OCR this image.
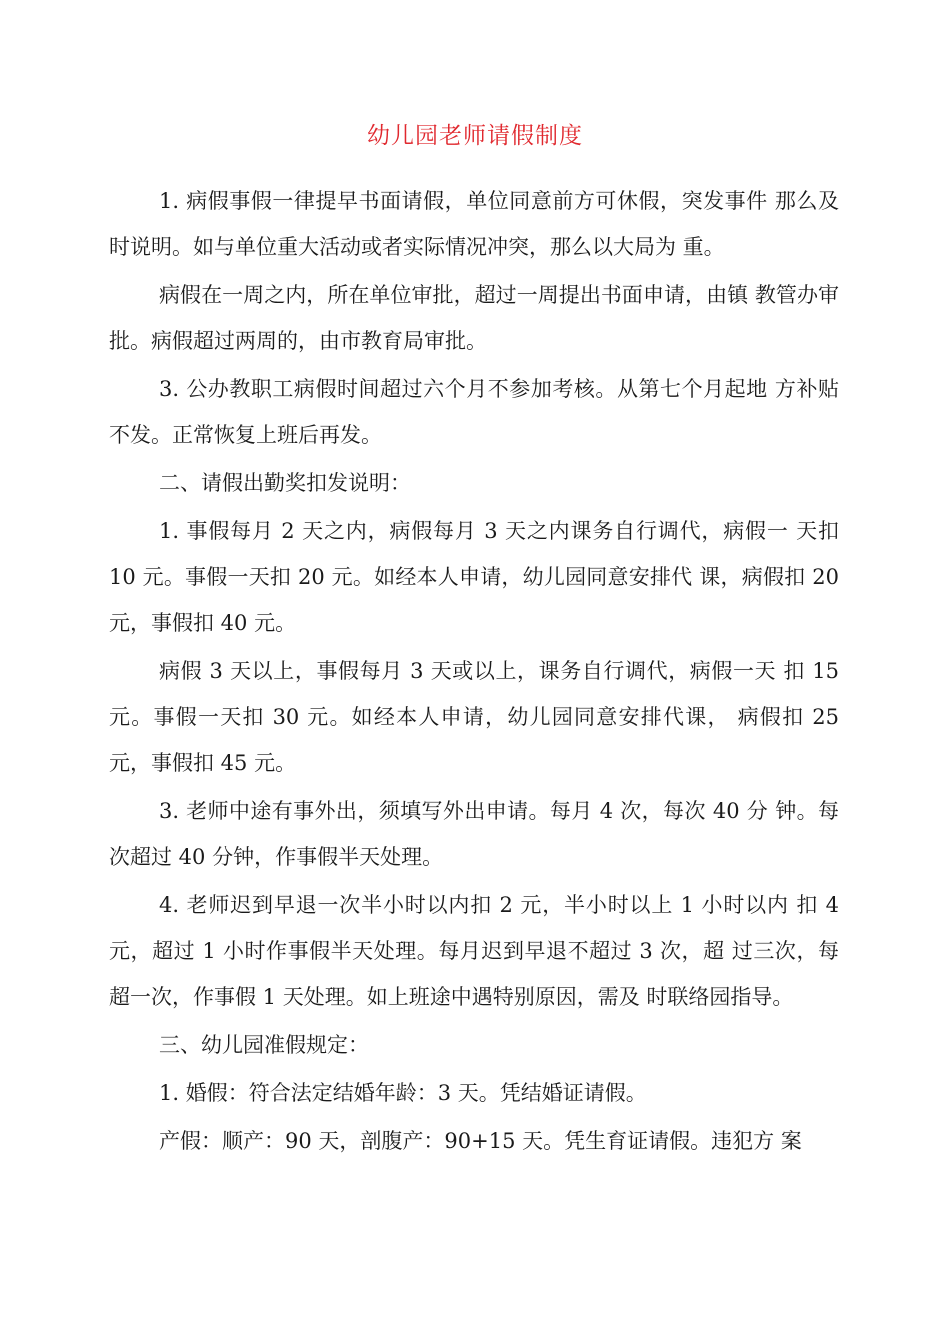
幼儿园老师请假制度

1. 病假事假一律提早书面请假，单位同意前方可休假，突发事件 那么及时说明。如与单位重大活动或者实际情况冲突，那么以大局为 重。

病假在一周之内，所在单位审批，超过一周提出书面申请，由镇 教管办审批。病假超过两周的，由市教育局审批。

3. 公办教职工病假时间超过六个月不参加考核。从第七个月起地 方补贴不发。正常恢复上班后再发。

二、请假出勤奖扣发说明：

1. 事假每月 2 天之内，病假每月 3 天之内课务自行调代，病假一 天扣 10 元。事假一天扣 20 元。如经本人申请，幼儿园同意安排代 课，病假扣 20 元，事假扣 40 元。

病假 3 天以上，事假每月 3 天或以上，课务自行调代，病假一天 扣 15 元。事假一天扣 30 元。如经本人申请，幼儿园同意安排代课， 病假扣 25 元，事假扣 45 元。

3. 老师中途有事外出，须填写外出申请。每月 4 次，每次 40 分 钟。每次超过 40 分钟，作事假半天处理。

4. 老师迟到早退一次半小时以内扣 2 元，半小时以上 1 小时以内 扣 4 元，超过 1 小时作事假半天处理。每月迟到早退不超过 3 次，超 过三次，每超一次，作事假 1 天处理。如上班途中遇特别原因，需及 时联络园指导。

三、幼儿园准假规定：

1. 婚假：符合法定结婚年龄：3 天。凭结婚证请假。

产假：顺产：90 天，剖腹产：90+15 天。凭生育证请假。违犯方 案
